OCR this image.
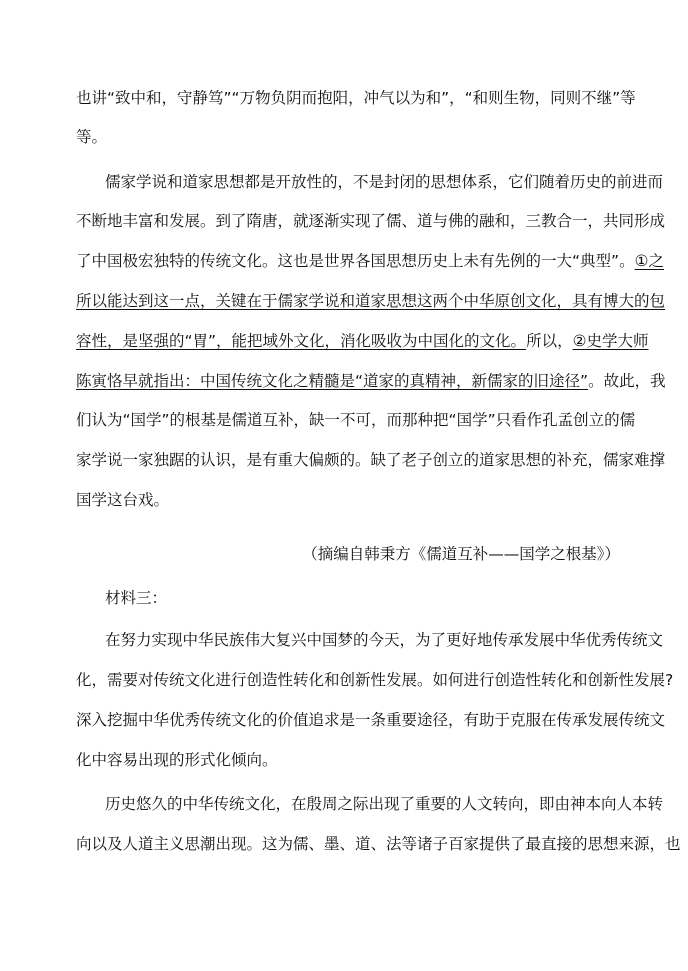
也讲“致中和，守静笃”“万物负阴而抱阳，冲气以为和”，“和则生物，同则不继”等
等。
儒家学说和道家思想都是开放性的，不是封闭的思想体系，它们随着历史的前进而
不断地丰富和发展。到了隋唐，就逐渐实现了儒、道与佛的融和，三教合一，共同形成
了中国极宏独特的传统文化。这也是世界各国思想历史上未有先例的一大“典型”。①之
所以能达到这一点，关键在于儒家学说和道家思想这两个中华原创文化，具有博大的包
容性，是坚强的“胃”，能把域外文化，消化吸收为中国化的文化。所以，②史学大师
陈寅恪早就指出：中国传统文化之精髓是“道家的真精神，新儒家的旧途径”。故此，我
们认为“国学”的根基是儒道互补，缺一不可，而那种把“国学”只看作孔孟创立的儒
家学说一家独踞的认识，是有重大偏颇的。缺了老子创立的道家思想的补充，儒家难撑
国学这台戏。
（摘编自韩秉方《儒道互补——国学之根基》）
材料三：
在努力实现中华民族伟大复兴中国梦的今天，为了更好地传承发展中华优秀传统文
化，需要对传统文化进行创造性转化和创新性发展。如何进行创造性转化和创新性发展?
深入挖掘中华优秀传统文化的价值追求是一条重要途径，有助于克服在传承发展传统文
化中容易出现的形式化倾向。
历史悠久的中华传统文化，在殷周之际出现了重要的人文转向，即由神本向人本转
向以及人道主义思潮出现。这为儒、墨、道、法等诸子百家提供了最直接的思想来源，也
